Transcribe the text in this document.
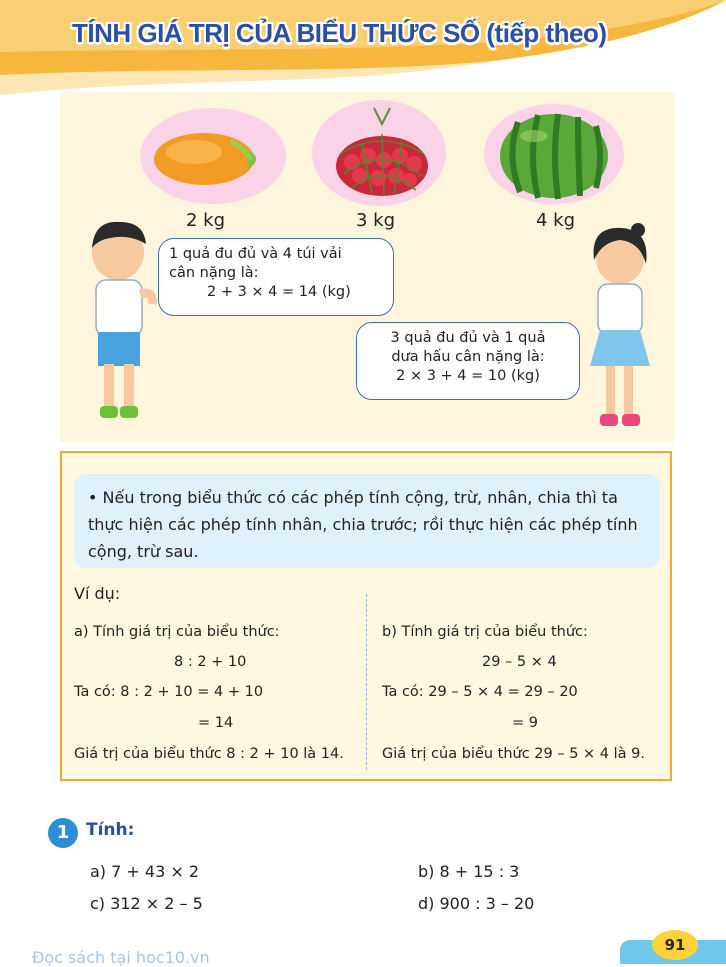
TÍNH GIÁ TRỊ CỦA BIỂU THỨC SỐ (tiếp theo)
2 kg	3 kg	4 kg
1 quả đu đủ và 4 túi vải
cân nặng là:
2 + 3 × 4 = 14 (kg)
3 quả đu đủ và 1 quả
dưa hấu cân nặng là:
2 × 3 + 4 = 10 (kg)
• Nếu trong biểu thức có các phép tính cộng, trừ, nhân, chia thì ta thực hiện các phép tính nhân, chia trước; rồi thực hiện các phép tính cộng, trừ sau.
Ví dụ:
a) Tính giá trị của biểu thức:
8 : 2 + 10
Ta có: 8 : 2 + 10 = 4 + 10
= 14
Giá trị của biểu thức 8 : 2 + 10 là 14.
b) Tính giá trị của biểu thức:
29 – 5 × 4
Ta có: 29 – 5 × 4 = 29 – 20
= 9
Giá trị của biểu thức 29 – 5 × 4 là 9.
1 Tính:
a) 7 + 43 × 2	b) 8 + 15 : 3
c) 312 × 2 – 5	d) 900 : 3 – 20
Đọc sách tại hoc10.vn
91
